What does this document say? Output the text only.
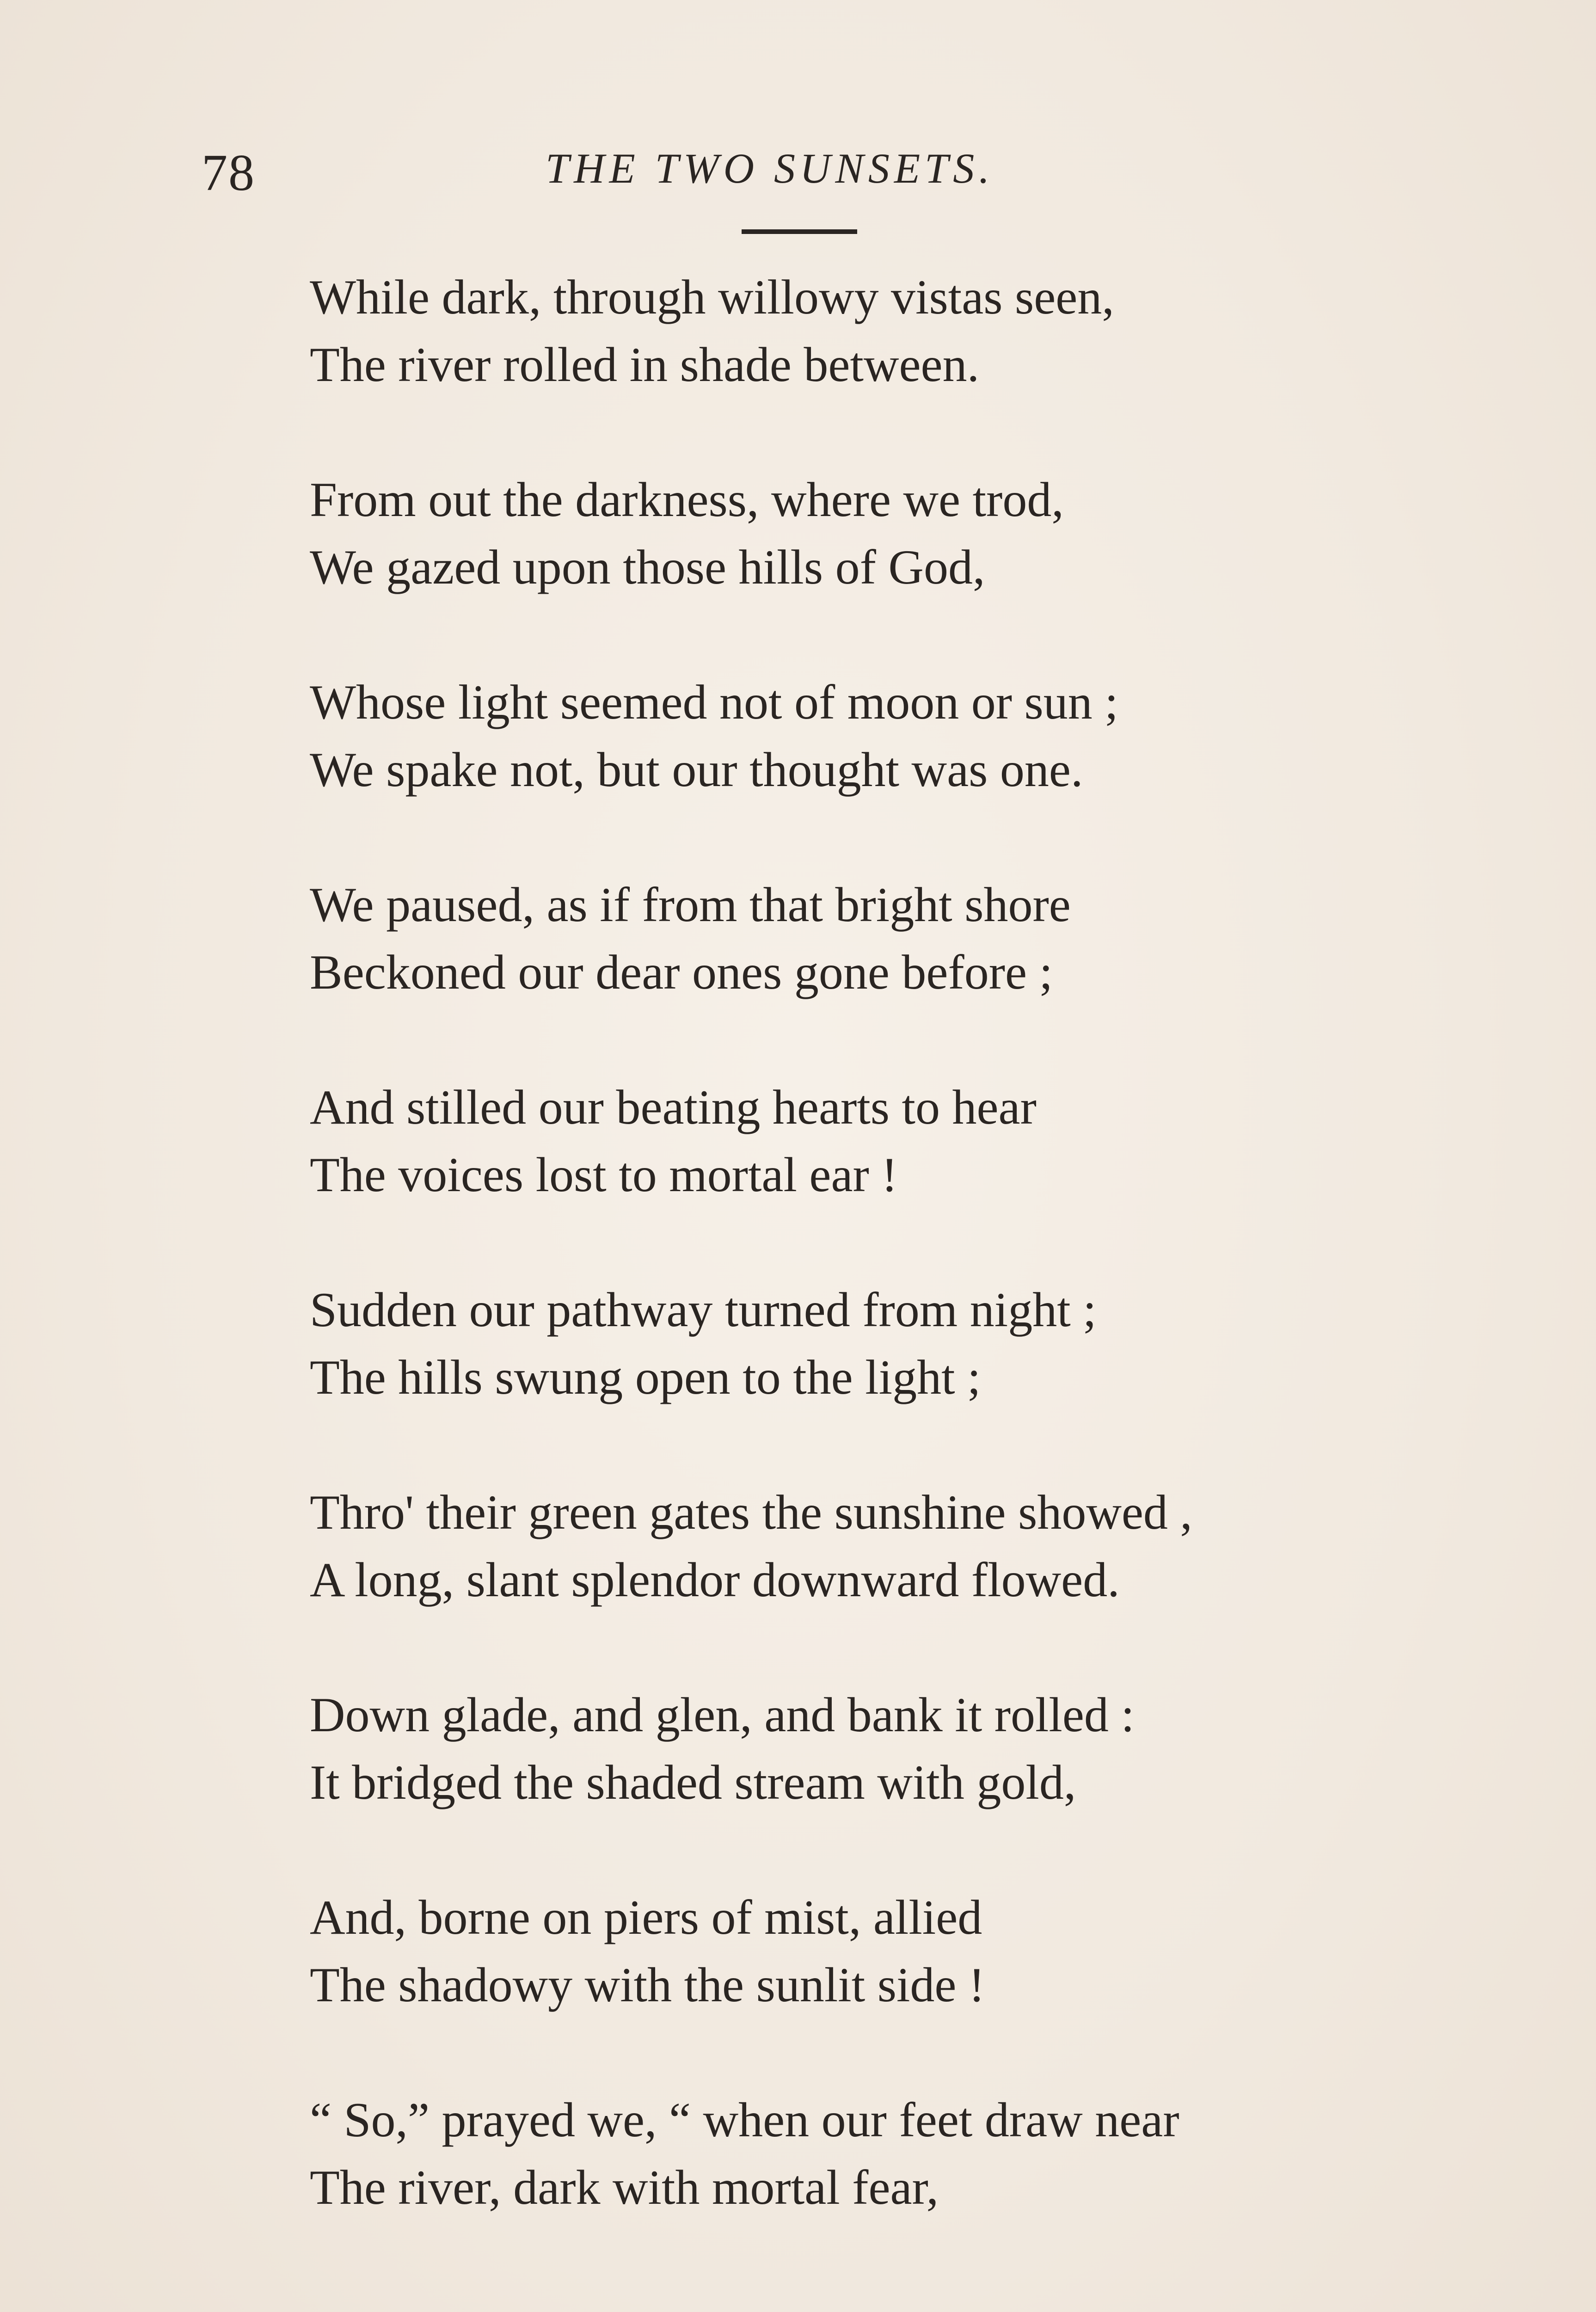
78	THE TWO SUNSETS.
While dark, through willowy vistas seen,
The river rolled in shade between.
From out the darkness, where we trod,
We gazed upon those hills of God,
Whose light seemed not of moon or sun ;
We spake not, but our thought was one.
We paused, as if from that bright shore
Beckoned our dear ones gone before ;
And stilled our beating hearts to hear
The voices lost to mortal ear !
Sudden our pathway turned from night ;
The hills swung open to the light ;
Thro' their green gates the sunshine showed ,
A long, slant splendor downward flowed.
Down glade, and glen, and bank it rolled :
It bridged the shaded stream with gold,
And, borne on piers of mist, allied
The shadowy with the sunlit side !
“ So,” prayed we, “ when our feet draw near
The river, dark with mortal fear,
